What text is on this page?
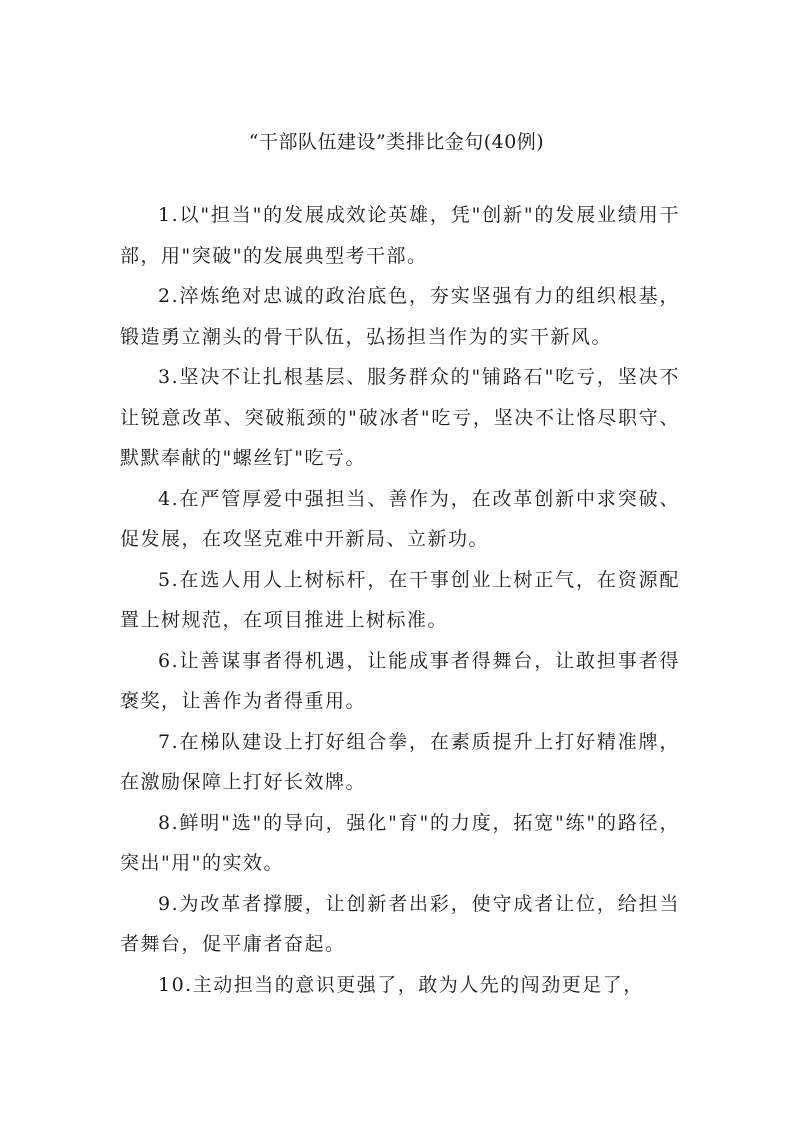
“干部队伍建设”类排比金句(40例)

1.以"担当"的发展成效论英雄，凭"创新"的发展业绩用干部，用"突破"的发展典型考干部。

2.淬炼绝对忠诚的政治底色，夯实坚强有力的组织根基，锻造勇立潮头的骨干队伍，弘扬担当作为的实干新风。

3.坚决不让扎根基层、服务群众的"铺路石"吃亏，坚决不让锐意改革、突破瓶颈的"破冰者"吃亏，坚决不让恪尽职守、默默奉献的"螺丝钉"吃亏。

4.在严管厚爱中强担当、善作为，在改革创新中求突破、促发展，在攻坚克难中开新局、立新功。

5.在选人用人上树标杆，在干事创业上树正气，在资源配置上树规范，在项目推进上树标准。

6.让善谋事者得机遇，让能成事者得舞台，让敢担事者得褒奖，让善作为者得重用。

7.在梯队建设上打好组合拳，在素质提升上打好精准牌，在激励保障上打好长效牌。

8.鲜明"选"的导向，强化"育"的力度，拓宽"练"的路径，突出"用"的实效。

9.为改革者撑腰，让创新者出彩，使守成者让位，给担当者舞台，促平庸者奋起。

10.主动担当的意识更强了，敢为人先的闯劲更足了，
